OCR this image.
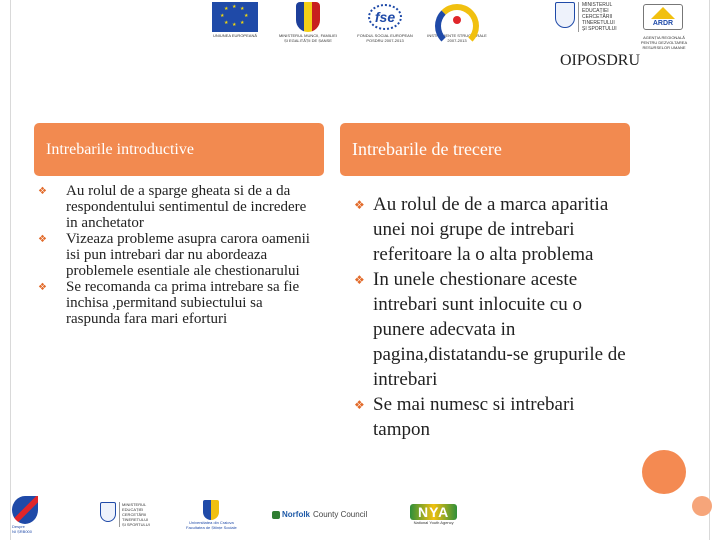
★ ★
★
★
★
★
★
★
UNIUNEA EUROPEANĂ	MINISTERUL MUNCII, FAMILIEI ȘI EGALITĂȚII DE ȘANSE
fse
FONDUL SOCIAL EUROPEAN POSDRU 2007-2013
INSTRUMENTE STRUCTURALE 2007-2013
MINISTERUL
EDUCAȚIEI
CERCETĂRII
TINERETULUI
ȘI SPORTULUI
OIPOSDRU
ARDR
AGENȚIA REGIONALĂ PENTRU DEZVOLTAREA RESURSELOR UMANE
Intrebarile introductive	Intrebarile de trecere
❖ Au rolul de a sparge gheata si de a da respondentului sentimentul de incredere in anchetator
❖ Vizeaza probleme asupra carora oamenii isi pun intrebari dar nu abordeaza problemele esentiale ale chestionarului
❖ Se recomanda ca prima intrebare sa fie inchisa ,permitand subiectului sa raspunda fara mari eforturi
❖ Au rolul de de a marca aparitia unei noi grupe de intrebari referitoare la o alta problema
❖ In unele chestionare aceste intrebari sunt inlocuite cu o punere adecvata in pagina,distatandu-se grupurile de intrebari
❖ Se mai numesc si intrebari tampon
Despre
NI ȘRB000
MINISTERUL
EDUCAȚIEI
CERCETĂRII
TINERETULUI
ȘI SPORTULUI	Universitatea din Craiova
Facultatea de Științe Sociale
Norfolk County Council	NYA
National Youth Agency
